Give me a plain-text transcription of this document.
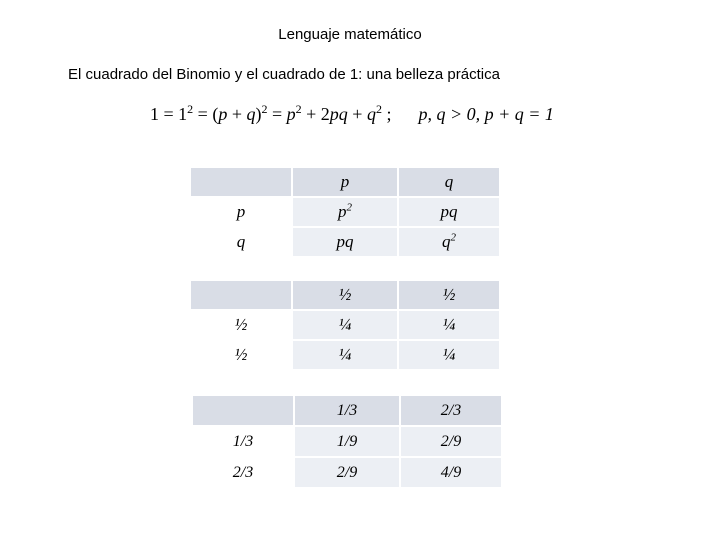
Lenguaje matemático
El cuadrado del Binomio y el cuadrado de 1: una belleza práctica
$1 = 1^2 = (p + q)^2 = p^2 + 2pq + q^2$ ; p, q > 0, p + q = 1
	p	q
p	$p^2$	pq
q	pq	$q^2$
	½	½
½	¼	¼
½	¼	¼
	1/3	2/3
1/3	1/9	2/9
2/3	2/9	4/9
